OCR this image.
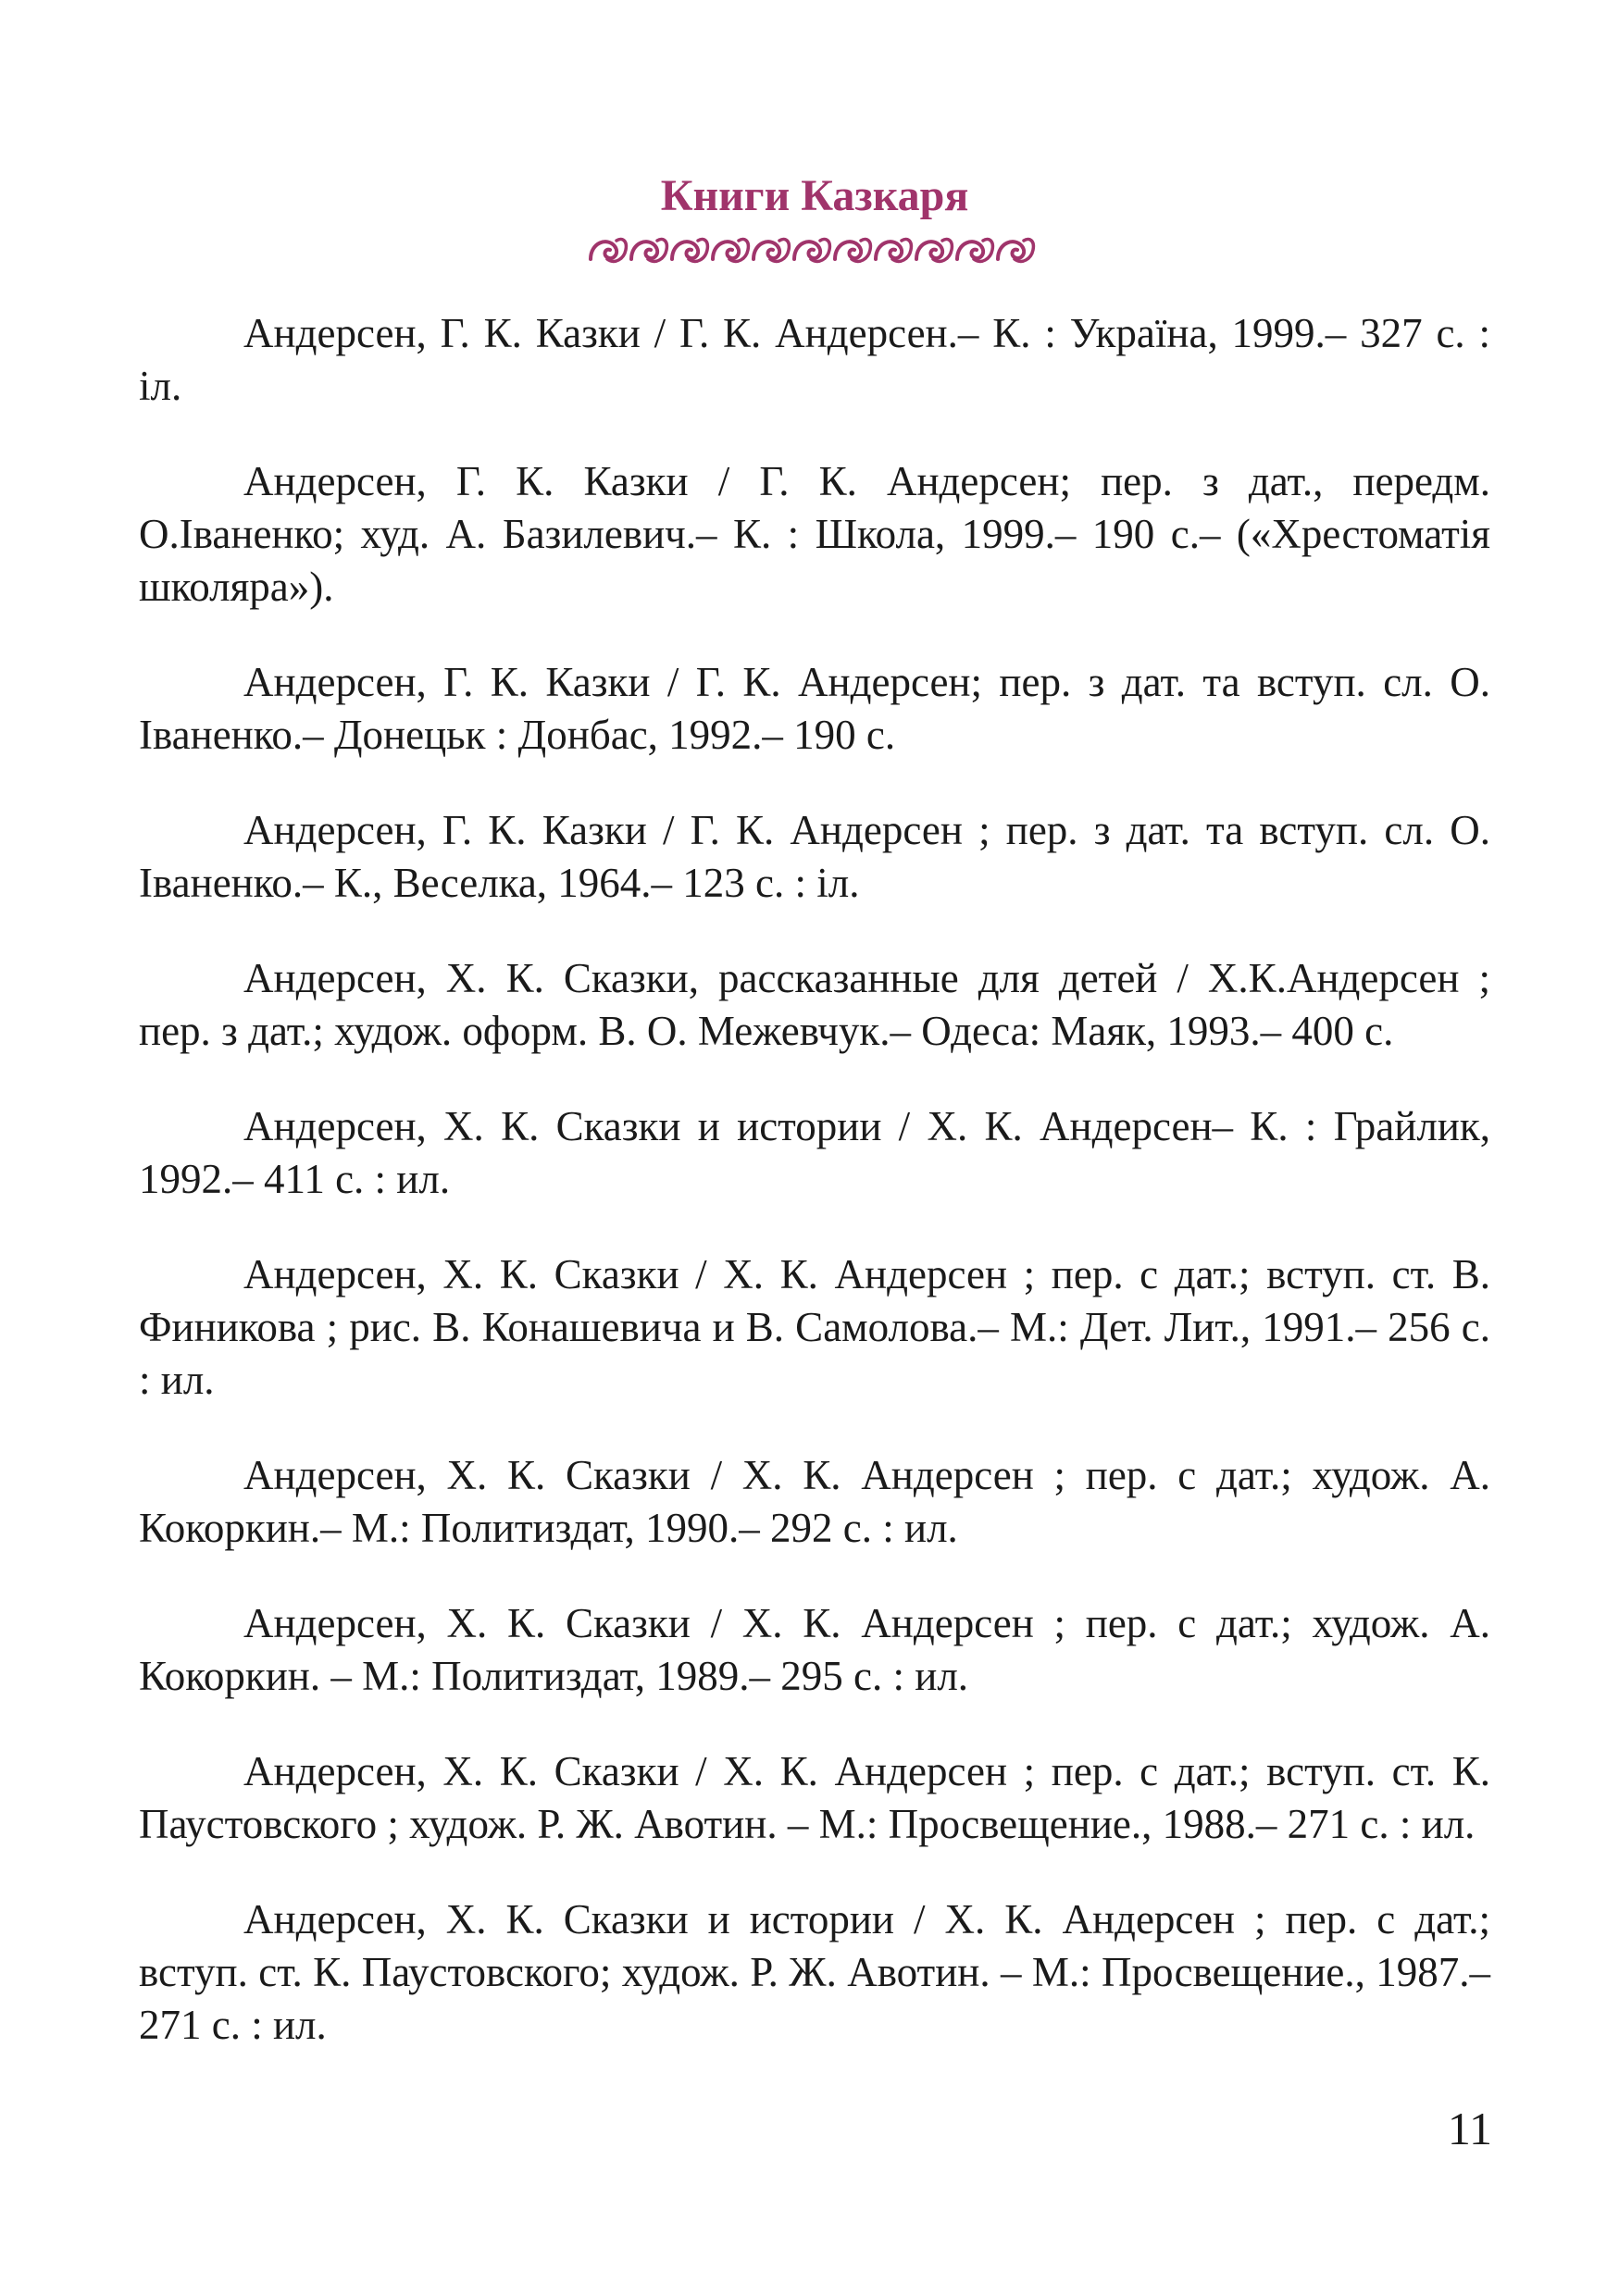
Книги Казкаря

Андерсен, Г. К. Казки / Г. К. Андерсен.– К. : Україна, 1999.– 327 с. : іл.

Андерсен, Г. К. Казки / Г. К. Андерсен; пер. з дат., передм. О.Іваненко; худ. А. Базилевич.– К. : Школа, 1999.– 190 с.– («Хрестоматія школяра»).

Андерсен, Г. К. Казки / Г. К. Андерсен; пер. з дат. та вступ. сл. О. Іваненко.– Донецьк : Донбас, 1992.– 190 с.

Андерсен, Г. К. Казки / Г. К. Андерсен ; пер. з дат. та вступ. сл. О. Іваненко.– К., Веселка, 1964.– 123 с. : іл.

Андерсен, Х. К. Сказки, рассказанные для детей / Х.К.Андерсен ; пер. з дат.; худож. оформ. В. О. Межевчук.– Одеса: Маяк, 1993.– 400 с.

Андерсен, Х. К. Сказки и истории / Х. К. Андерсен– К. : Грайлик, 1992.– 411 с. : ил.

Андерсен, Х. К. Сказки / Х. К. Андерсен ; пер. с дат.; вступ. ст. В. Финикова ; рис. В. Конашевича и В. Самолова.– М.: Дет. Лит., 1991.– 256 с. : ил.

Андерсен, Х. К. Сказки / Х. К. Андерсен ; пер. с дат.; худож. А. Кокоркин.– М.: Политиздат, 1990.– 292 с. : ил.

Андерсен, Х. К. Сказки / Х. К. Андерсен ; пер. с дат.; худож. А. Кокоркин. – М.: Политиздат, 1989.– 295 с. : ил.

Андерсен, Х. К. Сказки / Х. К. Андерсен ; пер. с дат.; вступ. ст. К. Паустовского ; худож. Р. Ж. Авотин. – М.: Просвещение., 1988.– 271 с. : ил.

Андерсен, Х. К. Сказки и истории / Х. К. Андерсен ; пер. с дат.; вступ. ст. К. Паустовского; худож. Р. Ж. Авотин. – М.: Просвещение., 1987.– 271 с. : ил.

11
